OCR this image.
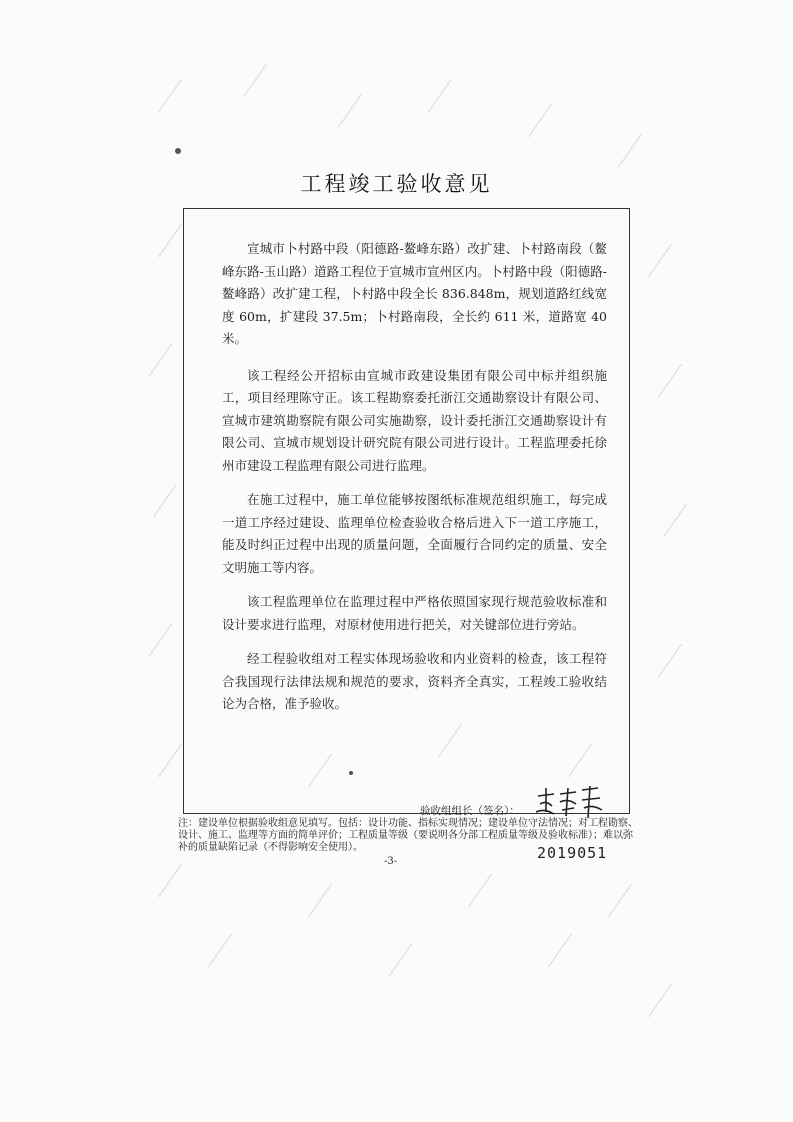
工程竣工验收意见

宣城市卜村路中段（阳德路-鳌峰东路）改扩建、卜村路南段（鳌峰东路-玉山路）道路工程位于宣城市宣州区内。卜村路中段（阳德路-鳌峰路）改扩建工程，卜村路中段全长 836.848m，规划道路红线宽度 60m，扩建段 37.5m；卜村路南段，全长约 611 米，道路宽 40 米。

该工程经公开招标由宣城市政建设集团有限公司中标并组织施工，项目经理陈守正。该工程勘察委托浙江交通勘察设计有限公司、宣城市建筑勘察院有限公司实施勘察，设计委托浙江交通勘察设计有限公司、宣城市规划设计研究院有限公司进行设计。工程监理委托徐州市建设工程监理有限公司进行监理。

在施工过程中，施工单位能够按图纸标准规范组织施工，每完成一道工序经过建设、监理单位检查验收合格后进入下一道工序施工，能及时纠正过程中出现的质量问题，全面履行合同约定的质量、安全文明施工等内容。

该工程监理单位在监理过程中严格依照国家现行规范验收标准和设计要求进行监理，对原材使用进行把关，对关键部位进行旁站。

经工程验收组对工程实体现场验收和内业资料的检查，该工程符合我国现行法律法规和规范的要求，资料齐全真实，工程竣工验收结论为合格，准予验收。

验收组组长（签名）：
注：建设单位根据验收组意见填写。包括：设计功能、指标实现情况；建设单位守法情况；对工程勘察、设计、施工、监理等方面的简单评价；工程质量等级（要说明各分部工程质量等级及验收标准）；难以弥补的质量缺陷记录（不得影响安全使用）。
-3-	2019051
